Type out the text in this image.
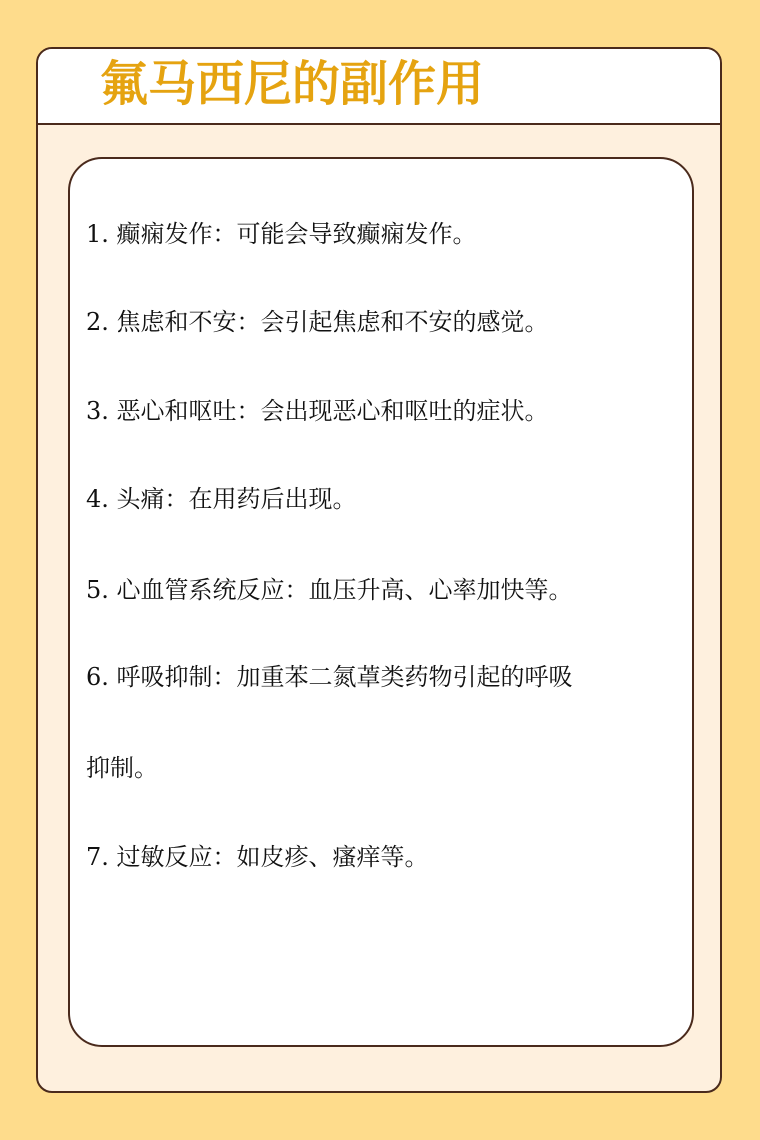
氟马西尼的副作用

1. 癫痫发作：可能会导致癫痫发作。

2. 焦虑和不安：会引起焦虑和不安的感觉。

3. 恶心和呕吐：会出现恶心和呕吐的症状。

4. 头痛：在用药后出现。

5. 心血管系统反应：血压升高、心率加快等。

6. 呼吸抑制：加重苯二氮䓬类药物引起的呼吸

抑制。

7. 过敏反应：如皮疹、瘙痒等。
